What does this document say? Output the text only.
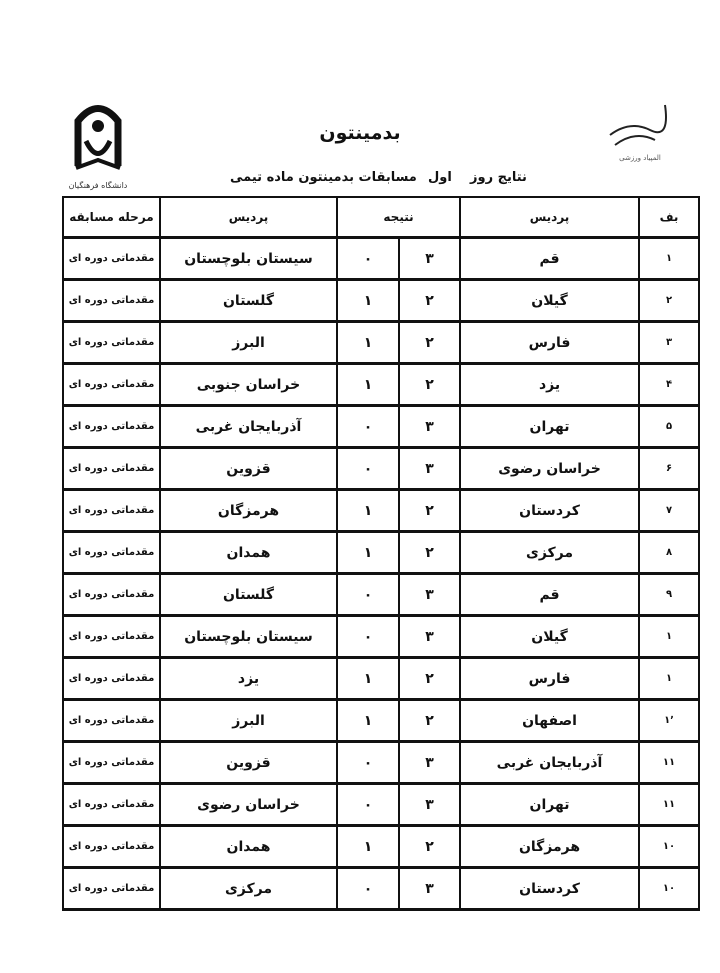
دانشگاه فرهنگیان
المپیاد ورزشی
بدمینتون
نتایج روز
اول
مسابقات بدمینتون ماده تیمی
بف	پردیس	نتیجه		پردیس	مرحله مسابقه
۱	قم	۳	۰	سیستان بلوچستان	مقدماتی دوره ای
۲	گیلان	۲	۱	گلستان	مقدماتی دوره ای
۳	فارس	۲	۱	البرز	مقدماتی دوره ای
۴	یزد	۲	۱	خراسان جنوبی	مقدماتی دوره ای
۵	تهران	۳	۰	آذربایجان غربی	مقدماتی دوره ای
۶	خراسان رضوی	۳	۰	قزوین	مقدماتی دوره ای
۷	کردستان	۲	۱	هرمزگان	مقدماتی دوره ای
۸	مرکزی	۲	۱	همدان	مقدماتی دوره ای
۹	قم	۳	۰	گلستان	مقدماتی دوره ای
۱	گیلان	۳	۰	سیستان بلوچستان	مقدماتی دوره ای
۱	فارس	۲	۱	یزد	مقدماتی دوره ای
۱٬	اصفهان	۲	۱	البرز	مقدماتی دوره ای
۱۱	آذربایجان غربی	۳	۰	قزوین	مقدماتی دوره ای
۱۱	تهران	۳	۰	خراسان رضوی	مقدماتی دوره ای
۱۰	هرمزگان	۲	۱	همدان	مقدماتی دوره ای
۱۰	کردستان	۳	۰	مرکزی	مقدماتی دوره ای
